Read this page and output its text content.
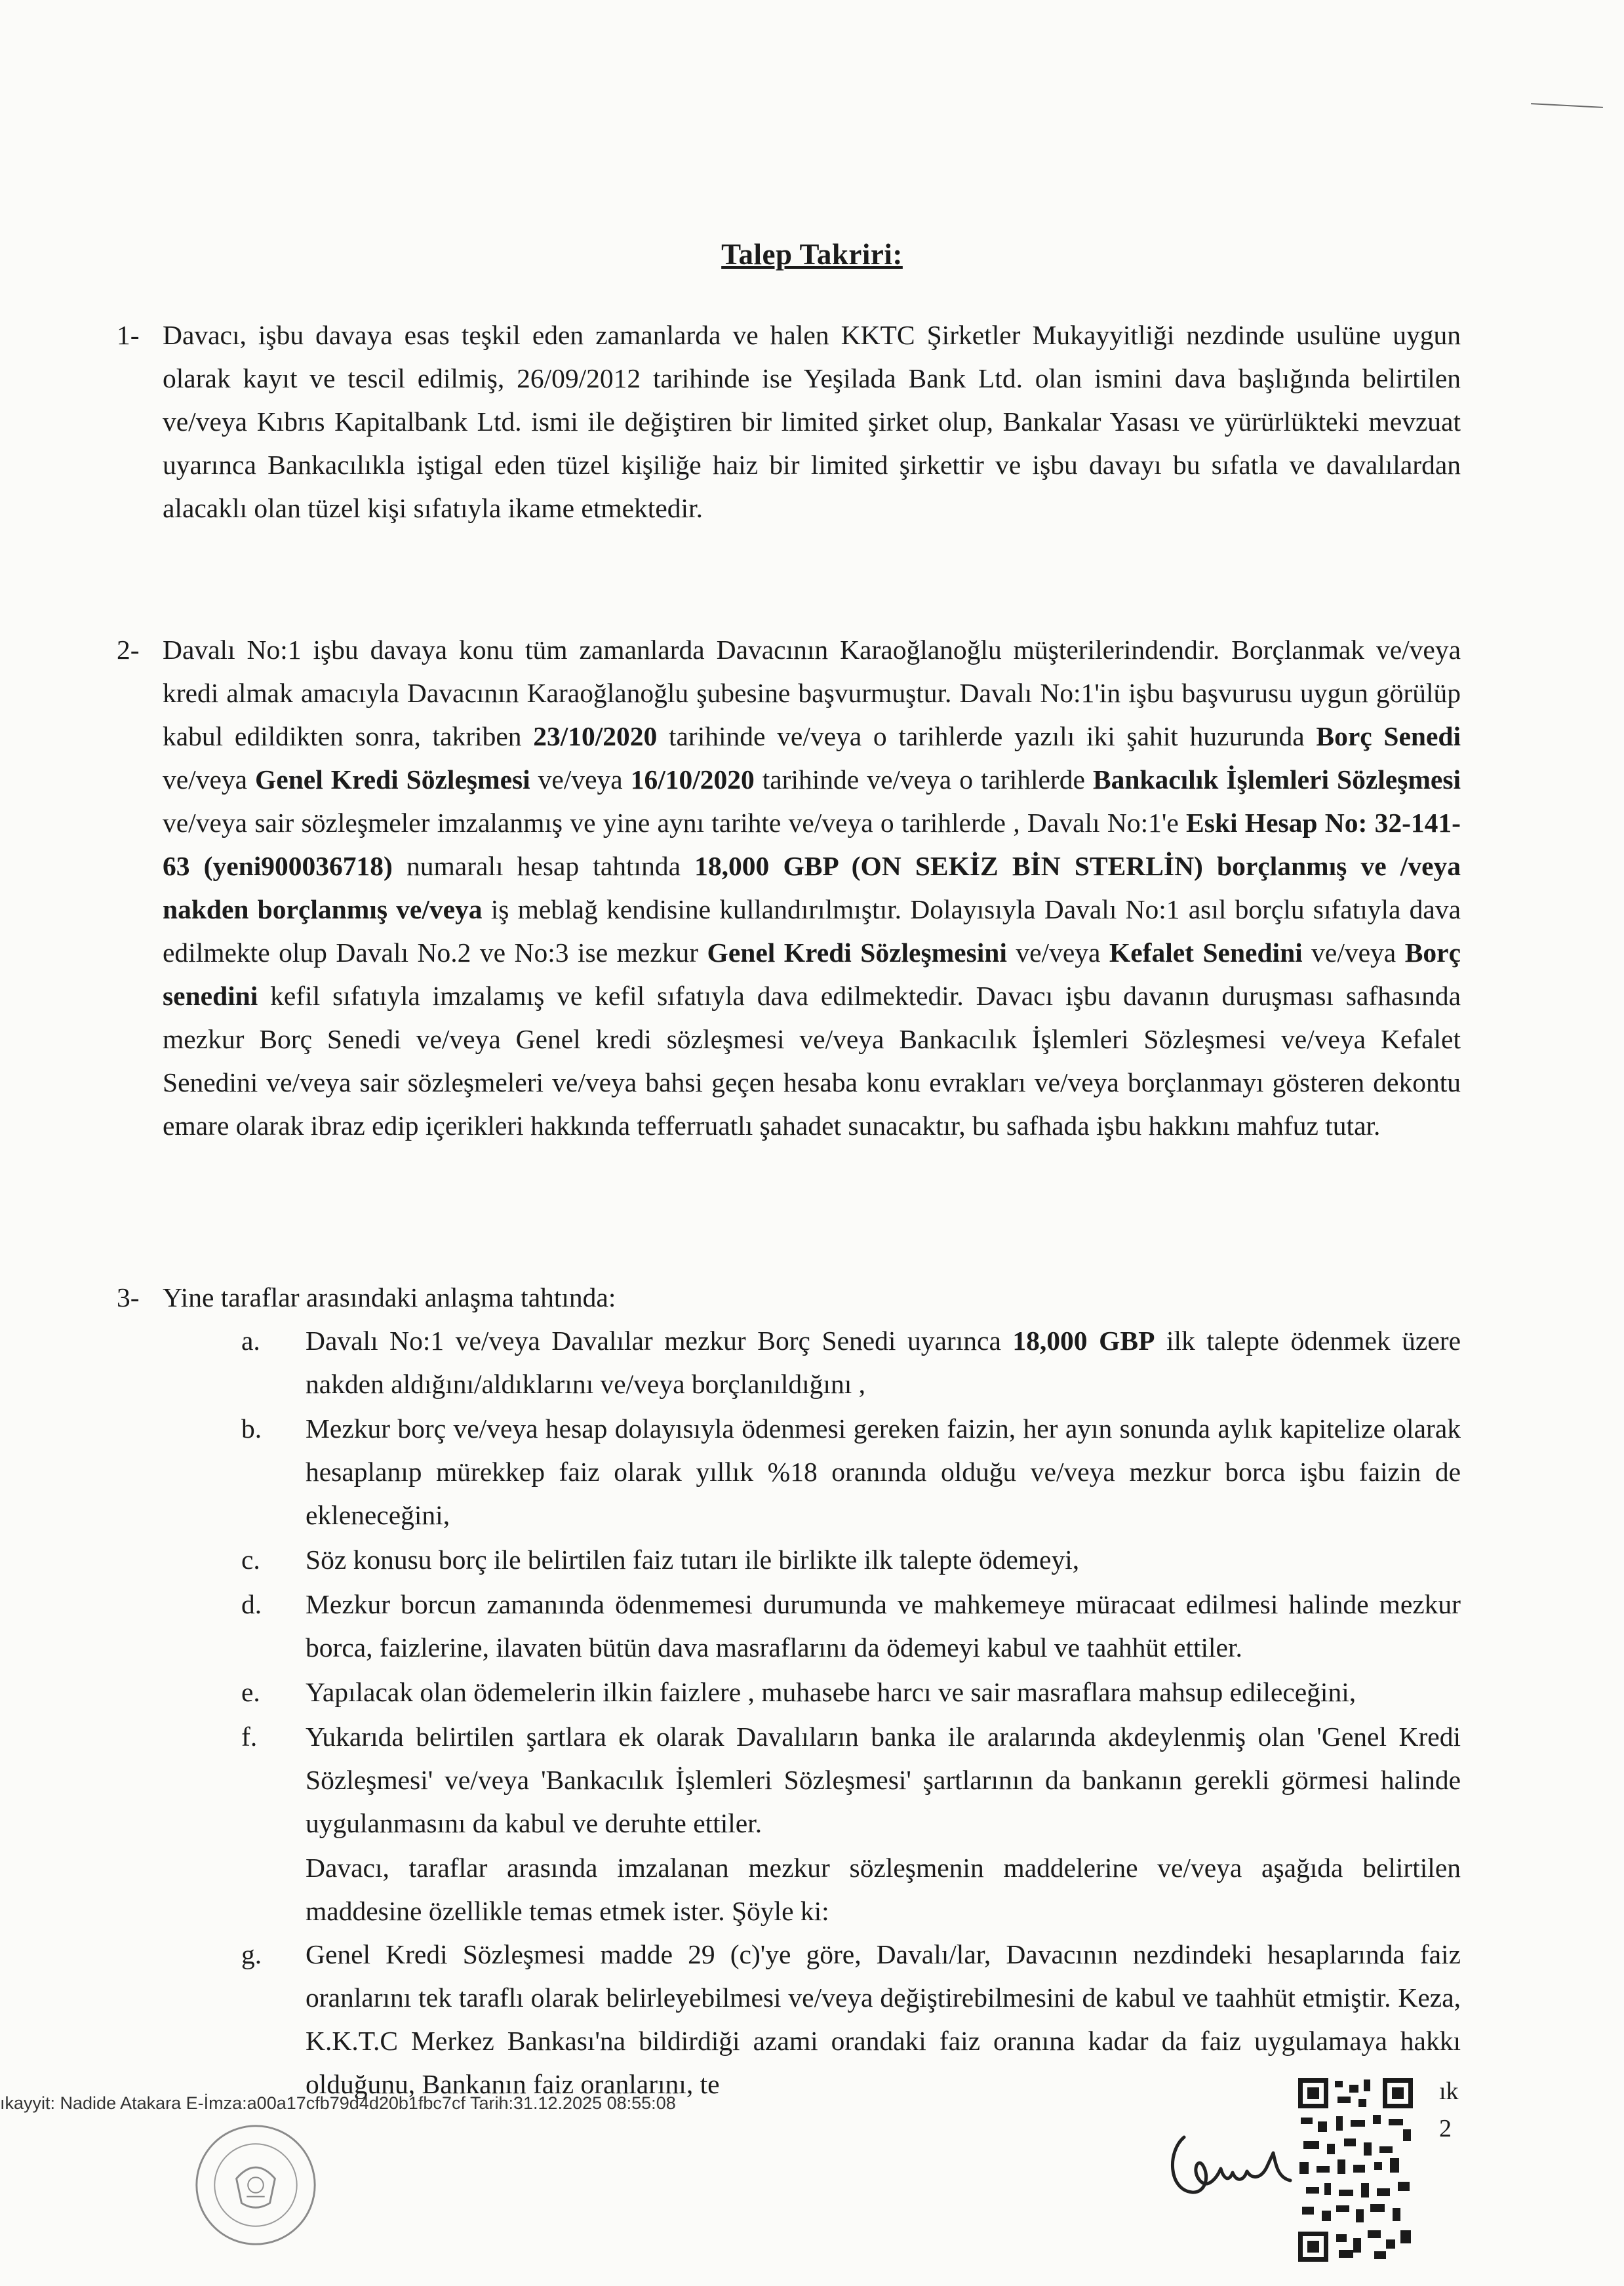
Talep Takriri:
1- Davacı, işbu davaya esas teşkil eden zamanlarda ve halen KKTC Şirketler Mukayyitliği nezdinde usulüne uygun olarak kayıt ve tescil edilmiş, 26/09/2012 tarihinde ise Yeşilada Bank Ltd. olan ismini dava başlığında belirtilen ve/veya Kıbrıs Kapitalbank Ltd. ismi ile değiştiren bir limited şirket olup, Bankalar Yasası ve yürürlükteki mevzuat uyarınca Bankacılıkla iştigal eden tüzel kişiliğe haiz bir limited şirkettir ve işbu davayı bu sıfatla ve davalılardan alacaklı olan tüzel kişi sıfatıyla ikame etmektedir.

2- Davalı No:1 işbu davaya konu tüm zamanlarda Davacının Karaoğlanoğlu müşterilerindendir. Borçlanmak ve/veya kredi almak amacıyla Davacının Karaoğlanoğlu şubesine başvurmuştur. Davalı No:1'in işbu başvurusu uygun görülüp kabul edildikten sonra, takriben 23/10/2020 tarihinde ve/veya o tarihlerde yazılı iki şahit huzurunda Borç Senedi ve/veya Genel Kredi Sözleşmesi ve/veya 16/10/2020 tarihinde ve/veya o tarihlerde Bankacılık İşlemleri Sözleşmesi ve/veya sair sözleşmeler imzalanmış ve yine aynı tarihte ve/veya o tarihlerde , Davalı No:1'e Eski Hesap No: 32-141-63 (yeni900036718) numaralı hesap tahtında 18,000 GBP (ON SEKİZ BİN STERLİN) borçlanmış ve /veya nakden borçlanmış ve/veya iş meblağ kendisine kullandırılmıştır. Dolayısıyla Davalı No:1 asıl borçlu sıfatıyla dava edilmekte olup Davalı No.2 ve No:3 ise mezkur Genel Kredi Sözleşmesini ve/veya Kefalet Senedini ve/veya Borç senedini kefil sıfatıyla imzalamış ve kefil sıfatıyla dava edilmektedir. Davacı işbu davanın duruşması safhasında mezkur Borç Senedi ve/veya Genel kredi sözleşmesi ve/veya Bankacılık İşlemleri Sözleşmesi ve/veya Kefalet Senedini ve/veya sair sözleşmeleri ve/veya bahsi geçen hesaba konu evrakları ve/veya borçlanmayı gösteren dekontu emare olarak ibraz edip içerikleri hakkında tefferruatlı şahadet sunacaktır, bu safhada işbu hakkını mahfuz tutar.

3- Yine taraflar arasındaki anlaşma tahtında:

a. Davalı No:1 ve/veya Davalılar mezkur Borç Senedi uyarınca 18,000 GBP ilk talepte ödenmek üzere nakden aldığını/aldıklarını ve/veya borçlanıldığını ,
b. Mezkur borç ve/veya hesap dolayısıyla ödenmesi gereken faizin, her ayın sonunda aylık kapitelize olarak hesaplanıp mürekkep faiz olarak yıllık %18 oranında olduğu ve/veya mezkur borca işbu faizin de ekleneceğini,
c. Söz konusu borç ile belirtilen faiz tutarı ile birlikte ilk talepte ödemeyi,
d. Mezkur borcun zamanında ödenmemesi durumunda ve mahkemeye müracaat edilmesi halinde mezkur borca, faizlerine, ilavaten bütün dava masraflarını da ödemeyi kabul ve taahhüt ettiler.
e. Yapılacak olan ödemelerin ilkin faizlere , muhasebe harcı ve sair masraflara mahsup edileceğini,
f. Yukarıda belirtilen şartlara ek olarak Davalıların banka ile aralarında akdeylenmiş olan 'Genel Kredi Sözleşmesi' ve/veya 'Bankacılık İşlemleri Sözleşmesi' şartlarının da bankanın gerekli görmesi halinde uygulanmasını da kabul ve deruhte ettiler.

Davacı, taraflar arasında imzalanan mezkur sözleşmenin maddelerine ve/veya aşağıda belirtilen maddesine özellikle temas etmek ister. Şöyle ki:

g. Genel Kredi Sözleşmesi madde 29 (c)'ye göre, Davalı/lar, Davacının nezdindeki hesaplarında faiz oranlarını tek taraflı olarak belirleyebilmesi ve/veya değiştirebilmesini de kabul ve taahhüt etmiştir. Keza, K.K.T.C Merkez Bankası'na bildirdiği azami orandaki faiz oranına kadar da faiz uygulamaya hakkı olduğunu, Bankanın faiz oranlarını, te
ıkayyit: Nadide Atakara E-İmza:a00a17cfb79d4d20b1fbc7cf Tarih:31.12.2025 08:55:08	ık
2
